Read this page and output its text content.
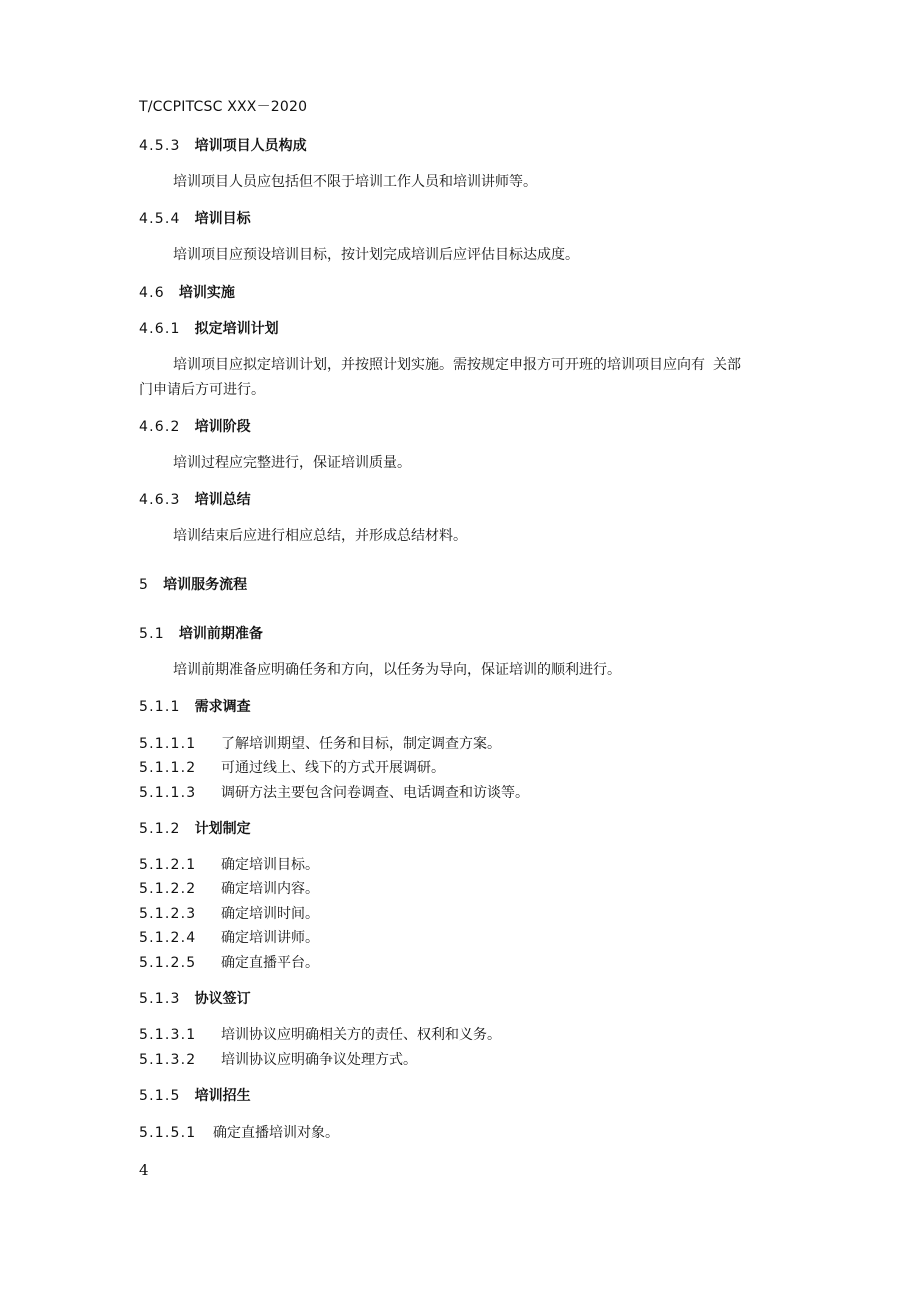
T/CCPITCSC XXX－2020
4.5.3 培训项目人员构成
培训项目人员应包括但不限于培训工作人员和培训讲师等。
4.5.4 培训目标
培训项目应预设培训目标，按计划完成培训后应评估目标达成度。
4.6 培训实施
4.6.1 拟定培训计划
培训项目应拟定培训计划，并按照计划实施。需按规定申报方可开班的培训项目应向有 关部
门申请后方可进行。
4.6.2 培训阶段
培训过程应完整进行，保证培训质量。
4.6.3 培训总结
培训结束后应进行相应总结，并形成总结材料。
5 培训服务流程
5.1 培训前期准备
培训前期准备应明确任务和方向，以任务为导向，保证培训的顺利进行。
5.1.1 需求调查
5.1.1.1 了解培训期望、任务和目标，制定调查方案。
5.1.1.2 可通过线上、线下的方式开展调研。
5.1.1.3 调研方法主要包含问卷调查、电话调查和访谈等。
5.1.2 计划制定
5.1.2.1 确定培训目标。
5.1.2.2 确定培训内容。
5.1.2.3 确定培训时间。
5.1.2.4 确定培训讲师。
5.1.2.5 确定直播平台。
5.1.3 协议签订
5.1.3.1 培训协议应明确相关方的责任、权利和义务。
5.1.3.2 培训协议应明确争议处理方式。
5.1.5 培训招生
5.1.5.1 确定直播培训对象。
4
